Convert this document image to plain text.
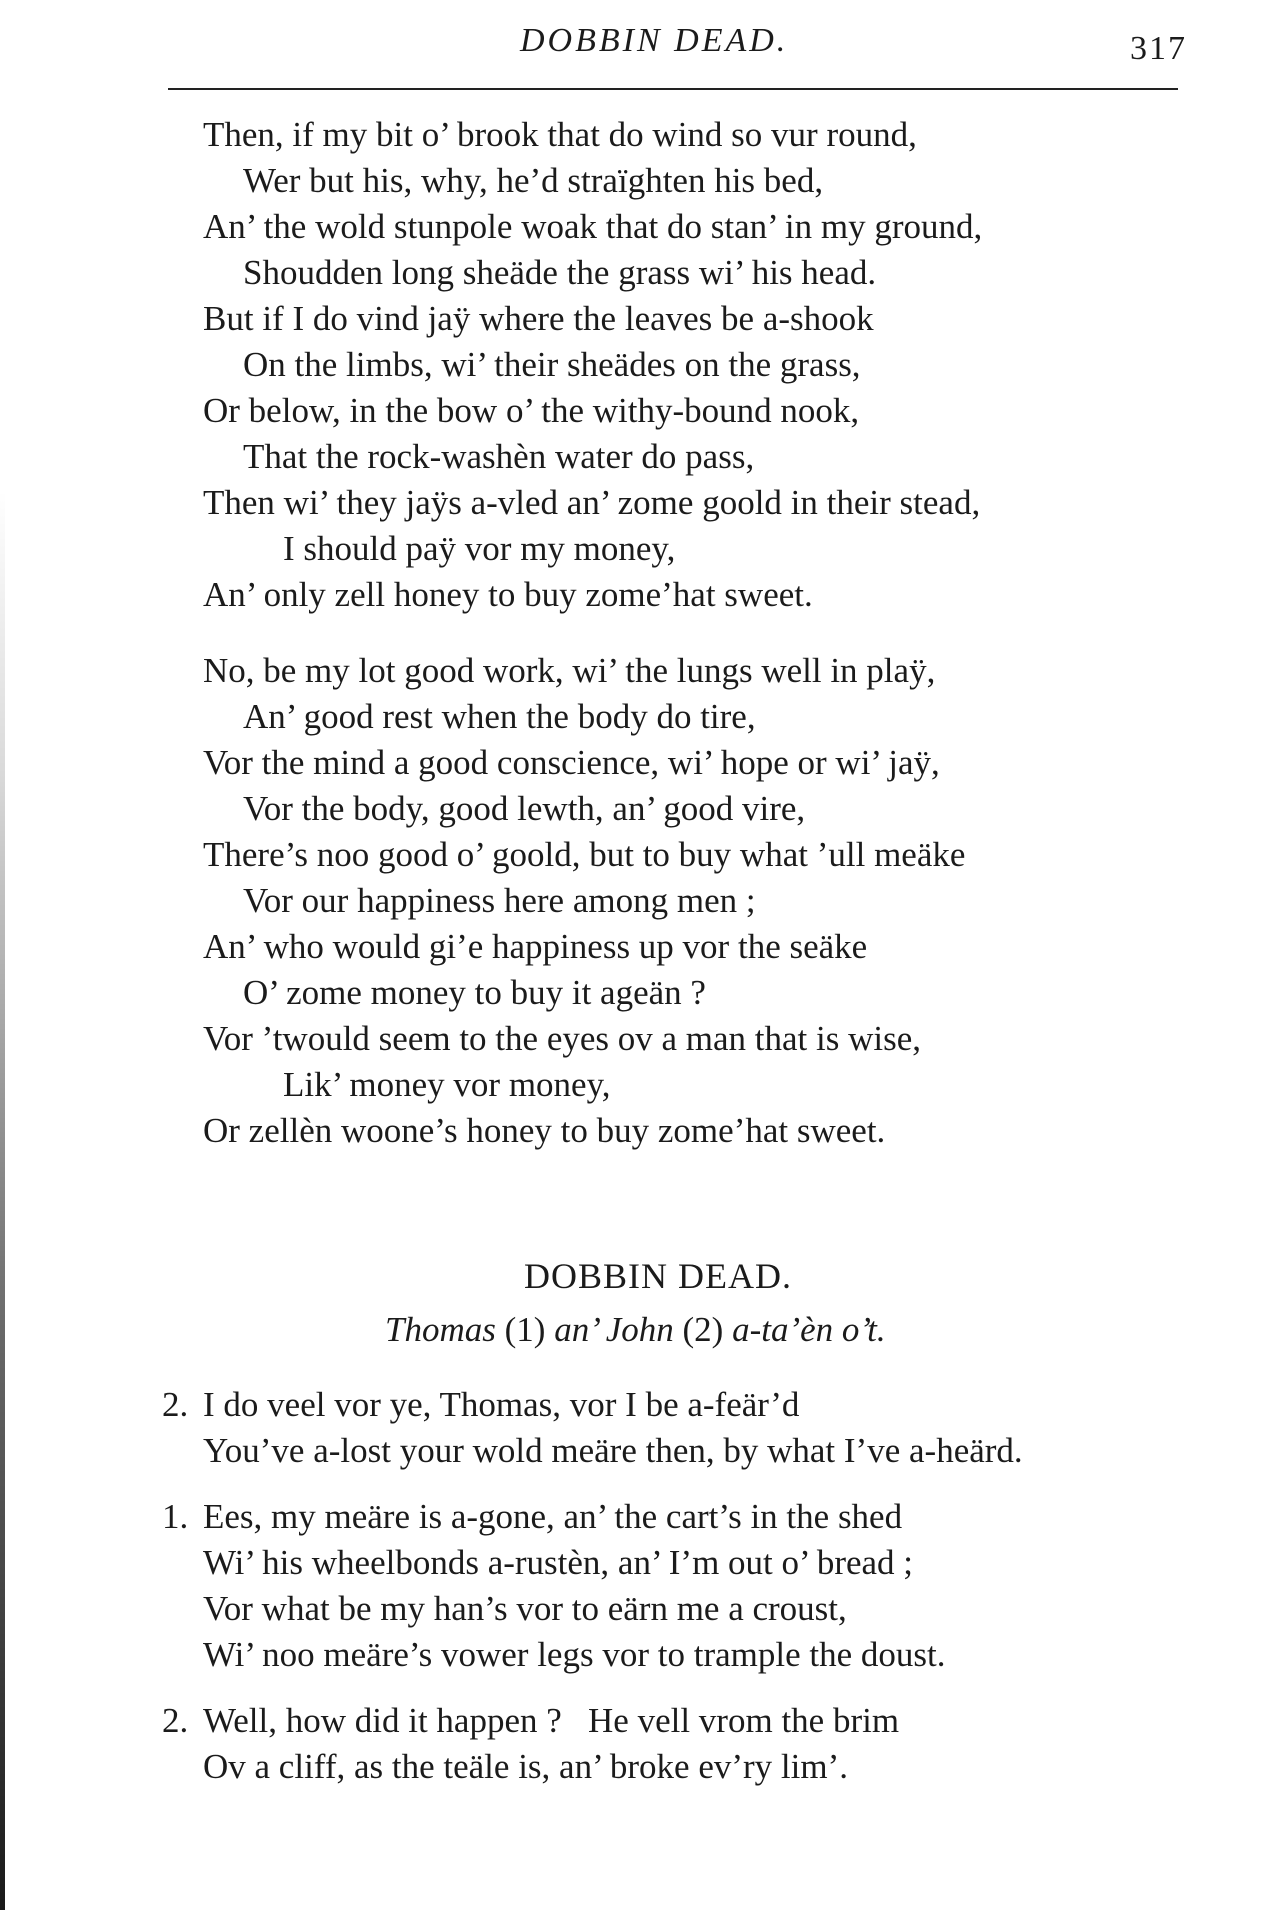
DOBBIN DEAD.	317
Then, if my bit o’ brook that do wind so vur round,
Wer but his, why, he’d straïghten his bed,
An’ the wold stunpole woak that do stan’ in my ground,
Shoudden long sheäde the grass wi’ his head.
But if I do vind jaÿ where the leaves be a-shook
On the limbs, wi’ their sheädes on the grass,
Or below, in the bow o’ the withy-bound nook,
That the rock-washèn water do pass,
Then wi’ they jaÿs a-vled an’ zome goold in their stead,
I should paÿ vor my money,
An’ only zell honey to buy zome’hat sweet.
No, be my lot good work, wi’ the lungs well in plaÿ,
An’ good rest when the body do tire,
Vor the mind a good conscience, wi’ hope or wi’ jaÿ,
Vor the body, good lewth, an’ good vire,
There’s noo good o’ goold, but to buy what ’ull meäke
Vor our happiness here among men ;
An’ who would gi’e happiness up vor the seäke
O’ zome money to buy it ageän ?
Vor ’twould seem to the eyes ov a man that is wise,
Lik’ money vor money,
Or zellèn woone’s honey to buy zome’hat sweet.
DOBBIN DEAD.
Thomas (1) an’ John (2) a-ta’èn o’t.
2. I do veel vor ye, Thomas, vor I be a-feär’d
You’ve a-lost your wold meäre then, by what I’ve a-heärd.
1. Ees, my meäre is a-gone, an’ the cart’s in the shed
Wi’ his wheelbonds a-rustèn, an’ I’m out o’ bread ;
Vor what be my han’s vor to eärn me a croust,
Wi’ noo meäre’s vower legs vor to trample the doust.
2. Well, how did it happen ?   He vell vrom the brim
Ov a cliff, as the teäle is, an’ broke ev’ry lim’.
